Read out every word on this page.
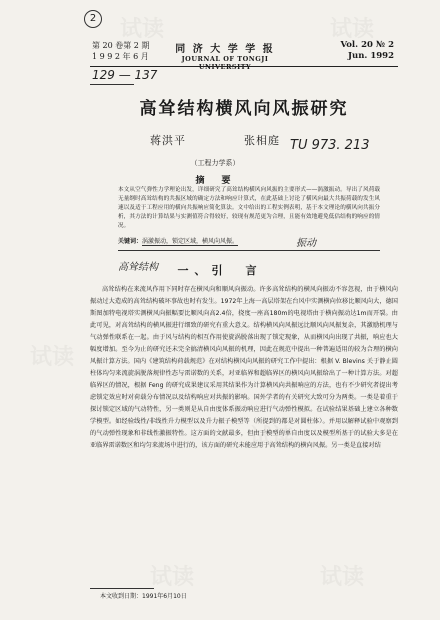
试读	试读
试读
试读
试读
试读
2
第 20 卷第 2 期
1 9 9 2 年 6 月
同 济 大 学 学 报
JOURNAL OF TONGJI UNIVERSITY
Vol. 20 № 2
Jun. 1992
129 — 137
高耸结构横风向风振研究
蒋洪平	张相庭 TU 973. 213
（工程力学系）
摘　要
本文从空气弹性力学理论出发，详细研究了高耸结构横风向风振的主要形式——涡激振动。导出了风荷载无量纲时高耸结构的共振区域的确定方法和响应计算式，在此基础上讨论了横风向最大共振荷载的发生风速以及适于工程应用的横向共振响应简化算法。文中给出的工程实例表明，基于本文理论的横风向共振分析，其方法的计算结果与实测值符合得较好，较现有规范更为合理，且能有效地避免低估结构的响应的情况。
关键词：涡激振动，锁定区域，横风向风振。	振动
高耸结构	一、引　言

高耸结构在来流风作用下同时存在横风向和顺风向振动。许多高耸结构的横风向振动不容忽视，由于横风向振动过大造成的高耸结构破坏事故也时有发生。1972年上海一高层塔架在台风中实测横向位移比顺风向大，德国斯图加特电视塔实测横风向振幅要比顺风向高2.4倍，挠度一座高180m的电视塔由于横向振动达1m而开裂。由此可见，对高耸结构的横风振进行细致的研究有重大意义。结构横风向风振远比顺风向风振复杂，其激励机理与气动弹性联系在一起。由于风与结构的相互作用使旋涡脱落出现了锁定现象，从而横风向出现了共振，响应也大幅度增加。至今为止的研究还未完全搞清横风向风振的机理，因此在规范中提出一种普遍适用的较为合理的横向风振计算方法。国内《建筑结构荷载规范》在对结构横风向风振的研究工作中提出：根据 V. Blevins 关于静止圆柱体均匀来流旋涡脱落规律性态与雷诺数的关系，对亚临界和超临界区的横风向风振给出了一种计算方法。对超临界区的情况，根据 Feng 的研究成果建议采用其结果作为计算横风向共振响应的方法，也有不少研究者提出考虑锁定效应时对荷载分布情况以及结构响应对共振的影响。国外学者的有关研究大致可分为两类。一类是着重于探讨锁定区域的气动特性，另一类则是从自由度体系振动响应进行气动弹性模拟。在试验结果基础上建立各种数学模型。如经验线性/非线性升力模型以及升力振子模型等（所提到的都是对圆柱体）。并用以解释试验中观察到的气动弹性现象和非线性激振特性。这方面的文献最多，但由于模型的单自由度以及模型所基于的试验大多是在亚临界雷诺数区和均匀来流场中进行的，该方面的研究未能应用于高耸结构的横向风振。另一类是直接对结

本文收到日期：1991年6月10日
